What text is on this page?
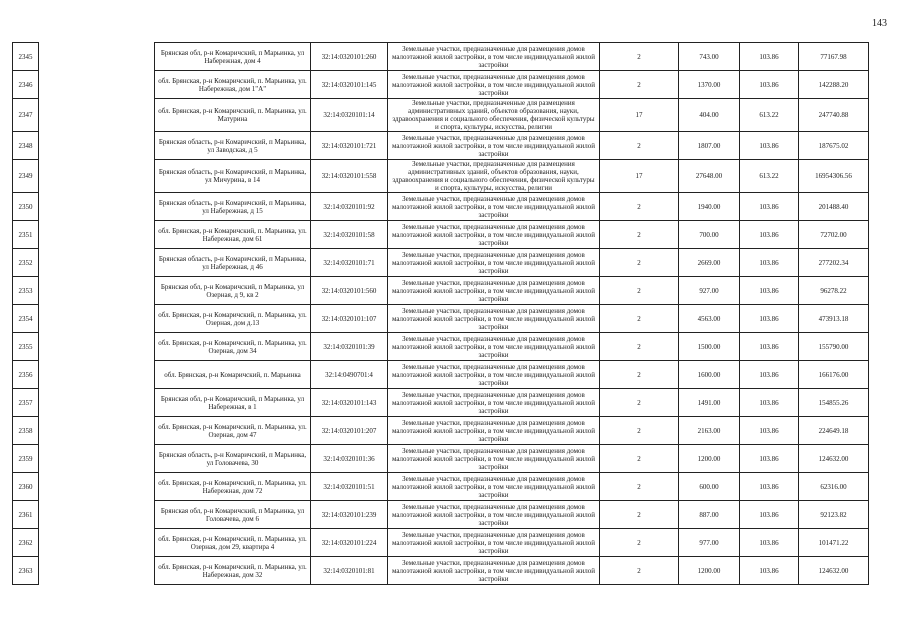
143
2345		Брянская обл, р-н Комаричский, п Марьинка, ул Набережная, дом 4	32:14:0320101:260	Земельные участки, предназначенные для размещения домов малоэтажной жилой застройки, в том числе индивидуальной жилой застройки	2	743.00	103.86	77167.98
2346		обл. Брянская, р-н Комаричский, п. Марьинка, ул. Набережная, дом 1"А"	32:14:0320101:145	Земельные участки, предназначенные для размещения домов малоэтажной жилой застройки, в том числе индивидуальной жилой застройки	2	1370.00	103.86	142288.20
2347		обл. Брянская, р-н Комаричский, п. Марьинка, ул. Матурина	32:14:0320101:14	Земельные участки, предназначенные для размещения административных зданий, объектов образования, науки, здравоохранения и социального обеспечения, физической культуры и спорта, культуры, искусства, религии	17	404.00	613.22	247740.88
2348		Брянская область, р-н Комаричский, п Марьинка, ул Заводская, д 5	32:14:0320101:721	Земельные участки, предназначенные для размещения домов малоэтажной жилой застройки, в том числе индивидуальной жилой застройки	2	1807.00	103.86	187675.02
2349		Брянская область, р-н Комаричский, п Марьинка, ул Мичурина, в 14	32:14:0320101:558	Земельные участки, предназначенные для размещения административных зданий, объектов образования, науки, здравоохранения и социального обеспечения, физической культуры и спорта, культуры, искусства, религии	17	27648.00	613.22	16954306.56
2350		Брянская область, р-н Комаричский, п Марьинка, ул Набережная, д 15	32:14:0320101:92	Земельные участки, предназначенные для размещения домов малоэтажной жилой застройки, в том числе индивидуальной жилой застройки	2	1940.00	103.86	201488.40
2351		обл. Брянская, р-н Комаричский, п. Марьинка, ул. Набережная, дом 61	32:14:0320101:58	Земельные участки, предназначенные для размещения домов малоэтажной жилой застройки, в том числе индивидуальной жилой застройки	2	700.00	103.86	72702.00
2352		Брянская область, р-н Комаричский, п Марьинка, ул Набережная, д 46	32:14:0320101:71	Земельные участки, предназначенные для размещения домов малоэтажной жилой застройки, в том числе индивидуальной жилой застройки	2	2669.00	103.86	277202.34
2353		Брянская обл, р-н Комаричский, п Марьинка, ул Озерная, д 9, кв 2	32:14:0320101:560	Земельные участки, предназначенные для размещения домов малоэтажной жилой застройки, в том числе индивидуальной жилой застройки	2	927.00	103.86	96278.22
2354		обл. Брянская, р-н Комаричский, п. Марьинка, ул. Озерная, дом д.13	32:14:0320101:107	Земельные участки, предназначенные для размещения домов малоэтажной жилой застройки, в том числе индивидуальной жилой застройки	2	4563.00	103.86	473913.18
2355		обл. Брянская, р-н Комаричский, п. Марьинка, ул. Озерная, дом 34	32:14:0320101:39	Земельные участки, предназначенные для размещения домов малоэтажной жилой застройки, в том числе индивидуальной жилой застройки	2	1500.00	103.86	155790.00
2356		обл. Брянская, р-н Комаричский, п. Марьинка	32:14:0490701:4	Земельные участки, предназначенные для размещения домов малоэтажной жилой застройки, в том числе индивидуальной жилой застройки	2	1600.00	103.86	166176.00
2357		Брянская обл, р-н Комаричский, п Марьинка, ул Набережная, в 1	32:14:0320101:143	Земельные участки, предназначенные для размещения домов малоэтажной жилой застройки, в том числе индивидуальной жилой застройки	2	1491.00	103.86	154855.26
2358		обл. Брянская, р-н Комаричский, п. Марьинка, ул. Озерная, дом 47	32:14:0320101:207	Земельные участки, предназначенные для размещения домов малоэтажной жилой застройки, в том числе индивидуальной жилой застройки	2	2163.00	103.86	224649.18
2359		Брянская область, р-н Комаричский, п Марьинка, ул Головачева, 30	32:14:0320101:36	Земельные участки, предназначенные для размещения домов малоэтажной жилой застройки, в том числе индивидуальной жилой застройки	2	1200.00	103.86	124632.00
2360		обл. Брянская, р-н Комаричский, п. Марьинка, ул. Набережная, дом 72	32:14:0320101:51	Земельные участки, предназначенные для размещения домов малоэтажной жилой застройки, в том числе индивидуальной жилой застройки	2	600.00	103.86	62316.00
2361		Брянская обл, р-н Комаричский, п Марьинка, ул Головачева, дом 6	32:14:0320101:239	Земельные участки, предназначенные для размещения домов малоэтажной жилой застройки, в том числе индивидуальной жилой застройки	2	887.00	103.86	92123.82
2362		обл. Брянская, р-н Комаричский, п. Марьинка, ул. Озерная, дом 29, квартира 4	32:14:0320101:224	Земельные участки, предназначенные для размещения домов малоэтажной жилой застройки, в том числе индивидуальной жилой застройки	2	977.00	103.86	101471.22
2363		обл. Брянская, р-н Комаричский, п. Марьинка, ул. Набережная, дом 32	32:14:0320101:81	Земельные участки, предназначенные для размещения домов малоэтажной жилой застройки, в том числе индивидуальной жилой застройки	2	1200.00	103.86	124632.00
